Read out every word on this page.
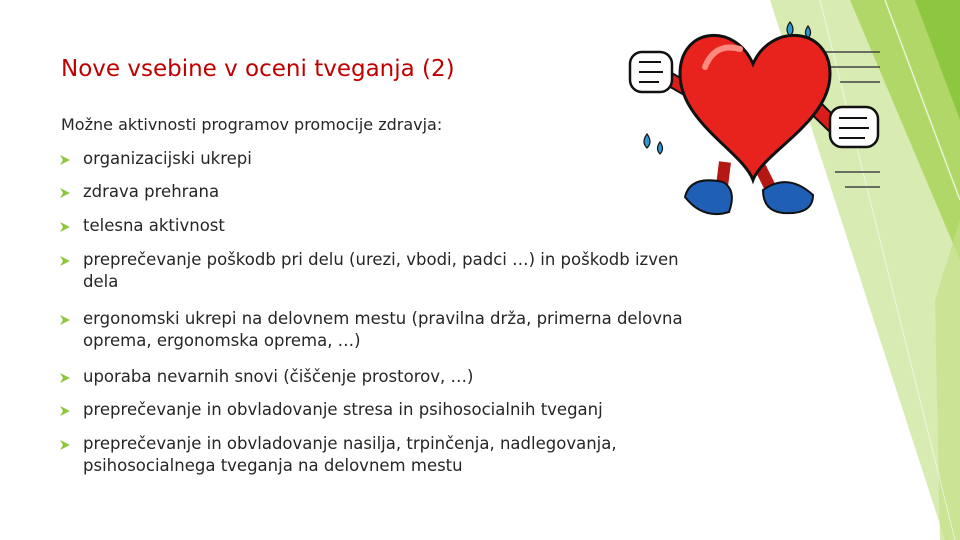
Nove vsebine v oceni tveganja (2)
Možne aktivnosti programov promocije zdravja:
organizacijski ukrepi
zdrava prehrana
telesna aktivnost
preprečevanje poškodb pri delu (urezi, vbodi, padci …) in poškodb izven dela
ergonomski ukrepi na delovnem mestu (pravilna drža, primerna delovna oprema, ergonomska oprema, …)
uporaba nevarnih snovi (čiščenje prostorov, …)
preprečevanje in obvladovanje stresa in psihosocialnih tveganj
preprečevanje in obvladovanje nasilja, trpinčenja, nadlegovanja, psihosocialnega tveganja na delovnem mestu
